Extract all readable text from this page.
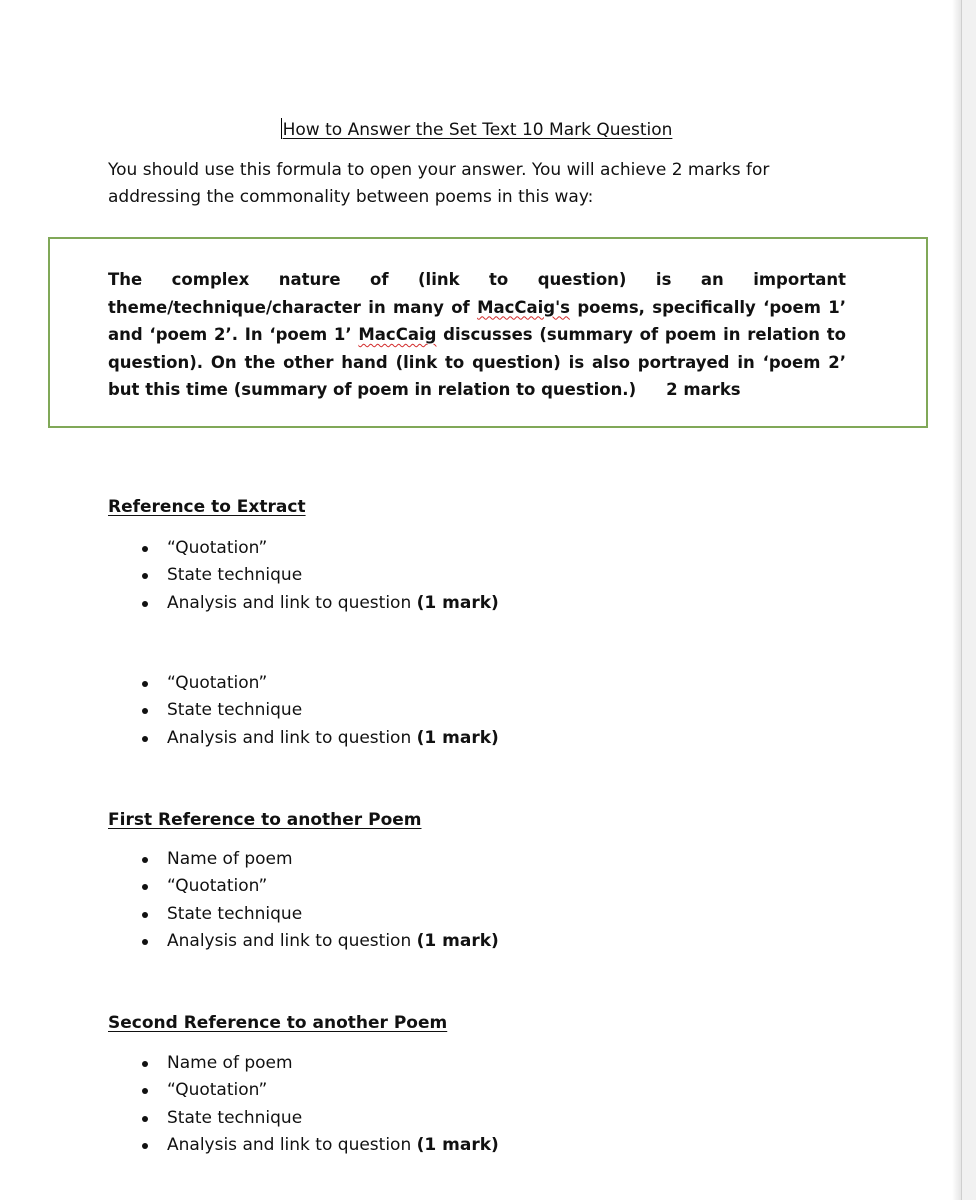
How to Answer the Set Text 10 Mark Question
You should use this formula to open your answer. You will achieve 2 marks for addressing the commonality between poems in this way:
The complex nature of (link to question) is an important theme/technique/character in many of MacCaig's poems, specifically ‘poem 1’ and ‘poem 2’. In ‘poem 1’ MacCaig discusses (summary of poem in relation to question). On the other hand (link to question) is also portrayed in ‘poem 2’ but this time (summary of poem in relation to question.) 2 marks
Reference to Extract
“Quotation”
State technique
Analysis and link to question (1 mark)
“Quotation”
State technique
Analysis and link to question (1 mark)
First Reference to another Poem
Name of poem
“Quotation”
State technique
Analysis and link to question (1 mark)
Second Reference to another Poem
Name of poem
“Quotation”
State technique
Analysis and link to question (1 mark)
